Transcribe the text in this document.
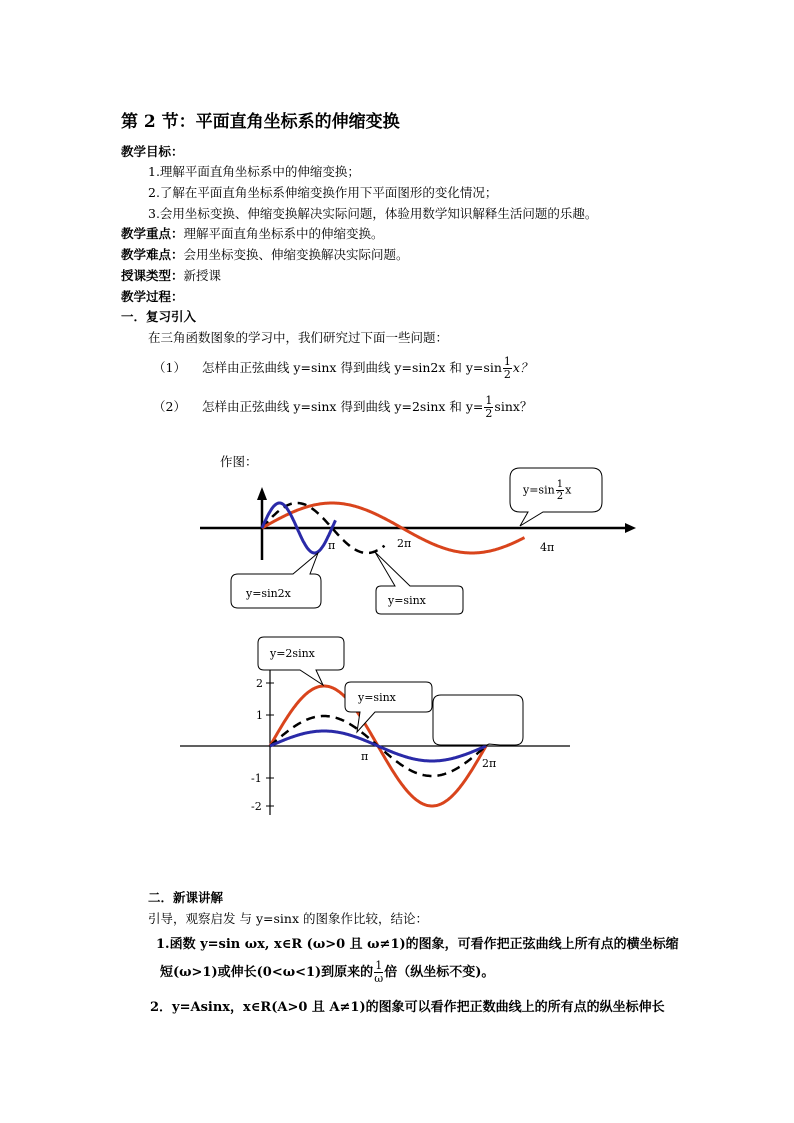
第 2 节：平面直角坐标系的伸缩变换
教学目标：
1.理解平面直角坐标系中的伸缩变换；
2.了解在平面直角坐标系伸缩变换作用下平面图形的变化情况；
3.会用坐标变换、伸缩变换解决实际问题，体验用数学知识解释生活问题的乐趣。
教学重点：理解平面直角坐标系中的伸缩变换。
教学难点：会用坐标变换、伸缩变换解决实际问题。
授课类型：新授课
教学过程：
一．复习引入
在三角函数图象的学习中，我们研究过下面一些问题：
（1） 怎样由正弦曲线 y=sinx 得到曲线 y=sin2x 和 $y=\sin \frac{1}{2}$ x？
（2） 怎样由正弦曲线 y=sinx 得到曲线 y=2sinx 和 $y= \frac{1}{2}$ sinx？
作图：
π	2π	4π
y=sin2x
y=sinx
$y=\sin \frac{1}{2}$ x
2
1
-1
-2
π
2π
y=2sinx
y=sinx
二．新课讲解
引导，观察启发 与 y=sinx 的图象作比较，结论：
1.函数 y=sin ωx, x∈R (ω>0 且 ω≠1)的图象，可看作把正弦曲线上所有点的横坐标缩
短(ω>1)或伸长(0<ω<1)到原来的 $\frac{1}{\omega}$ 倍（纵坐标不变)。
2．y=Asinx，x∈R(A>0 且 A≠1)的图象可以看作把正数曲线上的所有点的纵坐标伸长
